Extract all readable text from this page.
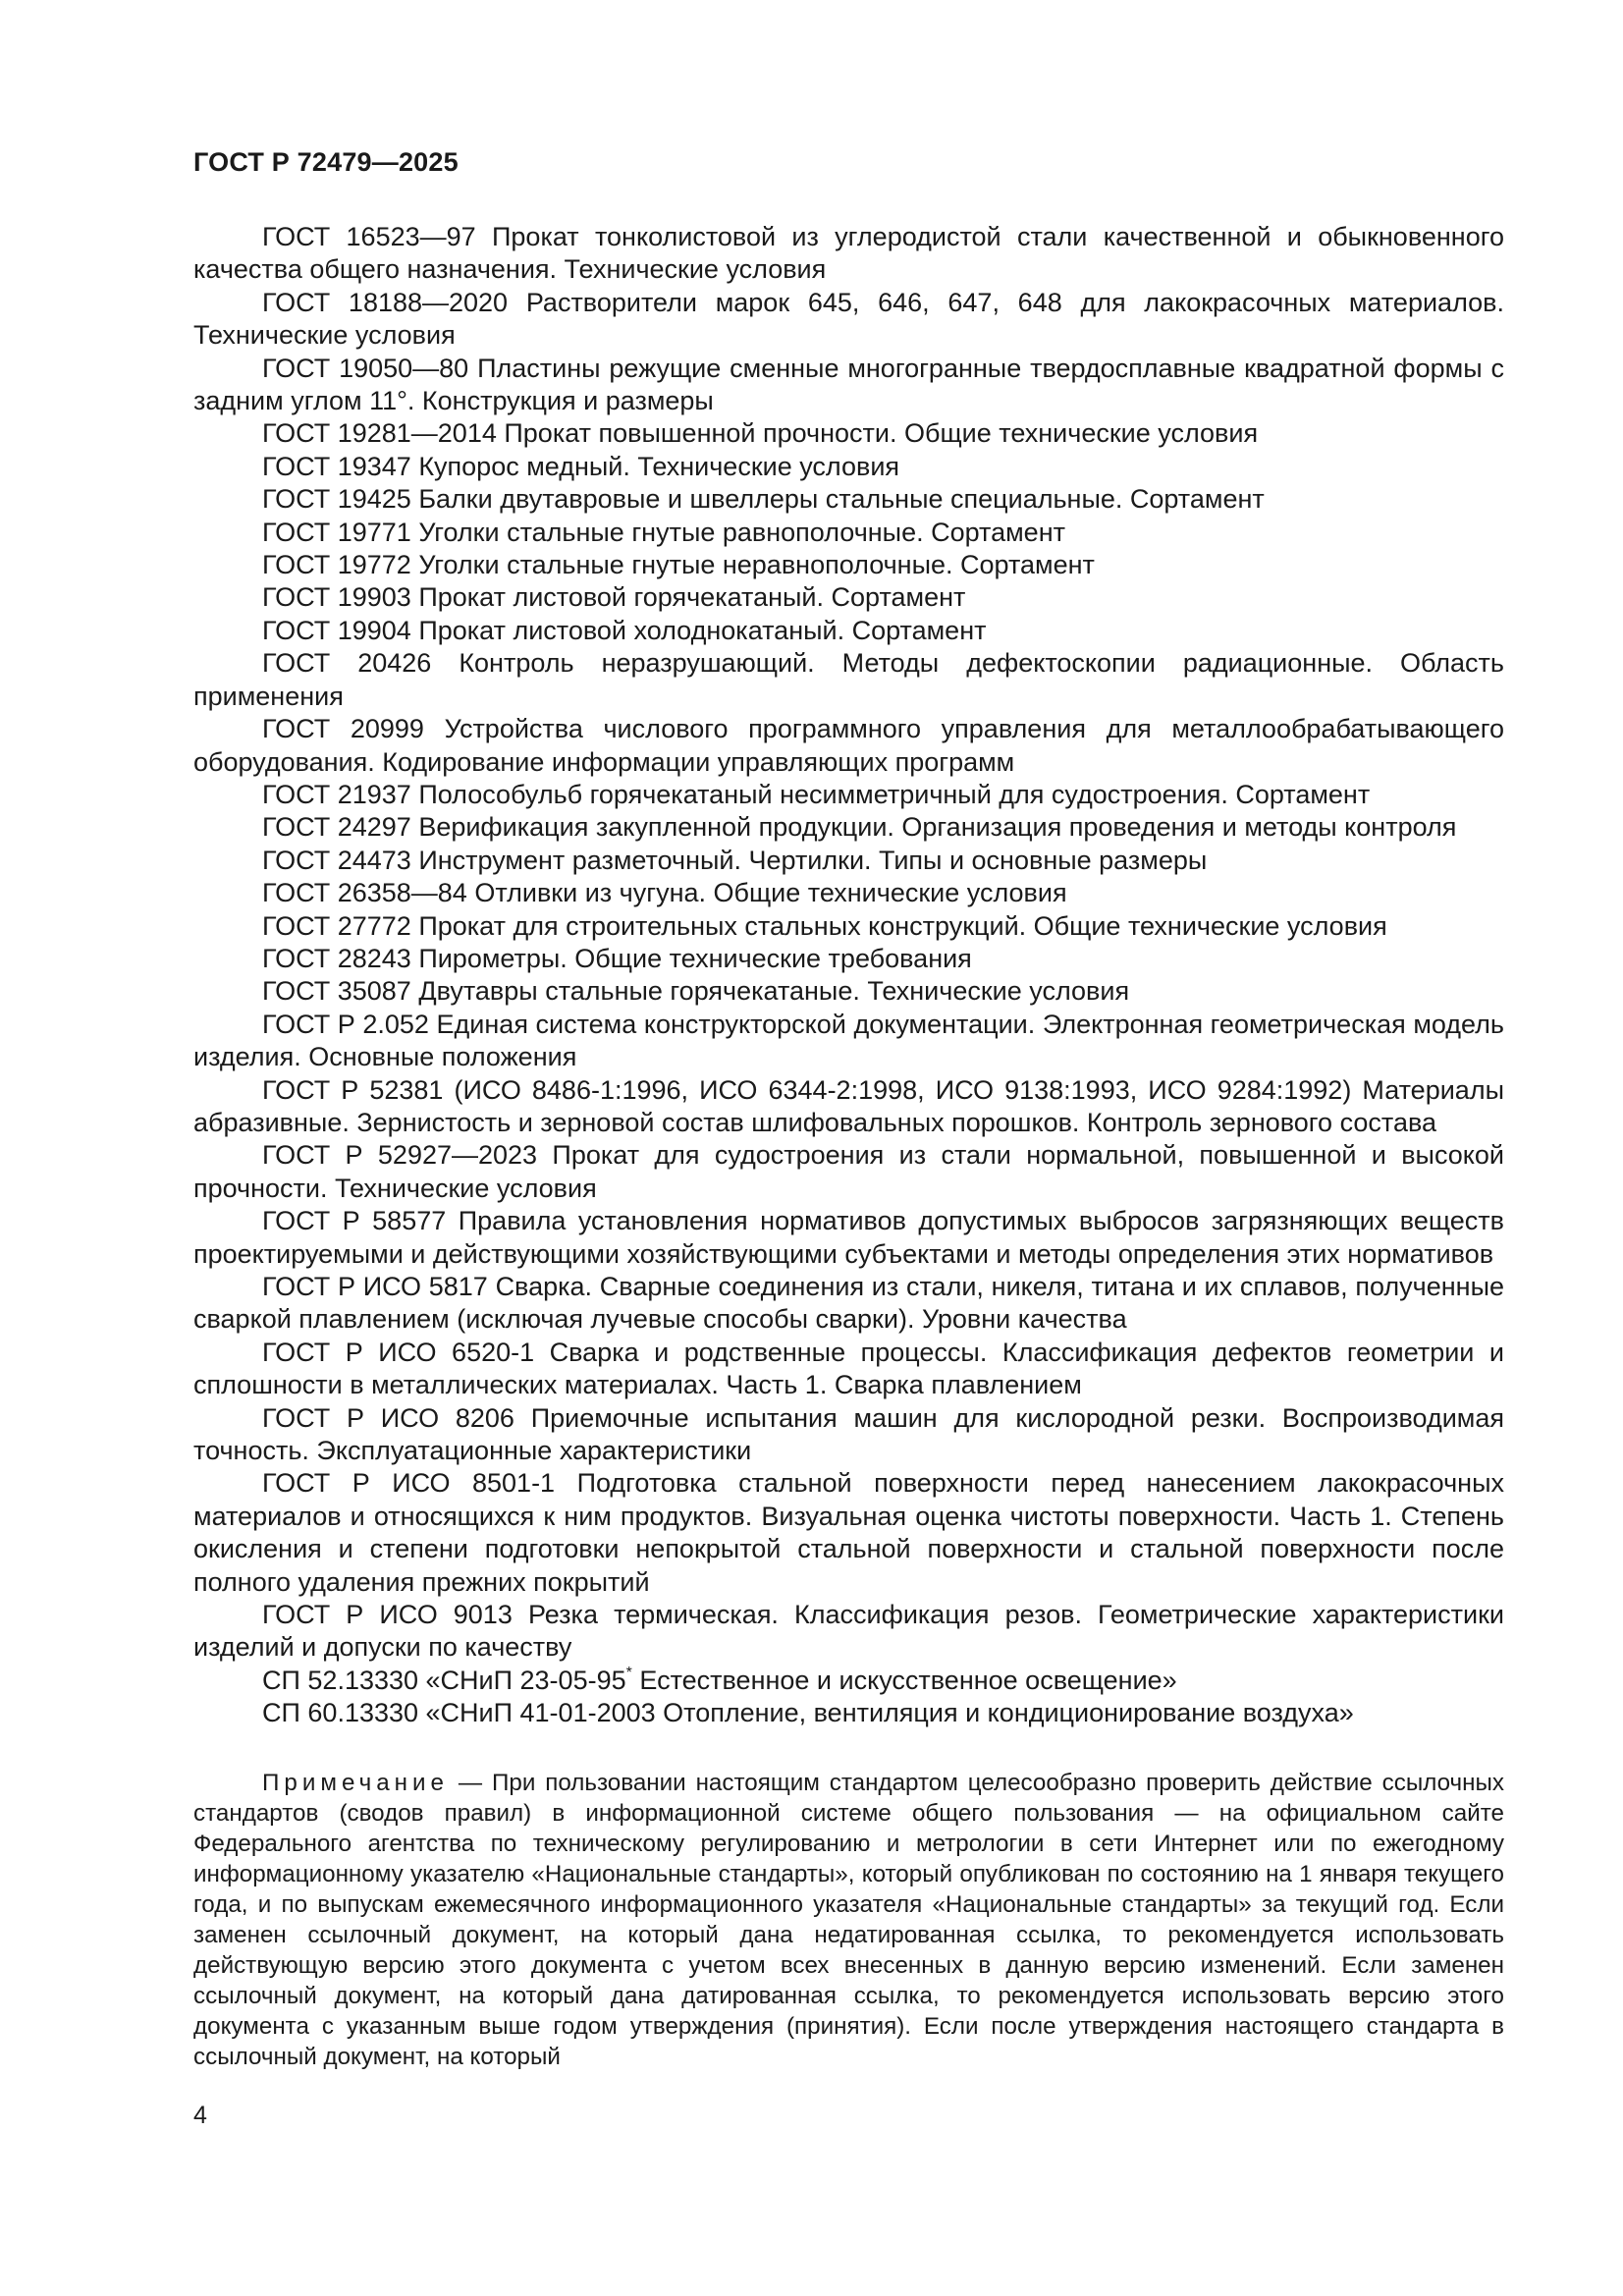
ГОСТ Р 72479—2025

ГОСТ 16523—97 Прокат тонколистовой из углеродистой стали качественной и обыкновенного качества общего назначения. Технические условия

ГОСТ 18188—2020 Растворители марок 645, 646, 647, 648 для лакокрасочных материалов. Технические условия

ГОСТ 19050—80 Пластины режущие сменные многогранные твердосплавные квадратной формы с задним углом 11°. Конструкция и размеры

ГОСТ 19281—2014 Прокат повышенной прочности. Общие технические условия

ГОСТ 19347 Купорос медный. Технические условия

ГОСТ 19425 Балки двутавровые и швеллеры стальные специальные. Сортамент

ГОСТ 19771 Уголки стальные гнутые равнополочные. Сортамент

ГОСТ 19772 Уголки стальные гнутые неравнополочные. Сортамент

ГОСТ 19903 Прокат листовой горячекатаный. Сортамент

ГОСТ 19904 Прокат листовой холоднокатаный. Сортамент

ГОСТ 20426 Контроль неразрушающий. Методы дефектоскопии радиационные. Область применения

ГОСТ 20999 Устройства числового программного управления для металлообрабатывающего оборудования. Кодирование информации управляющих программ

ГОСТ 21937 Полособульб горячекатаный несимметричный для судостроения. Сортамент

ГОСТ 24297 Верификация закупленной продукции. Организация проведения и методы контроля

ГОСТ 24473 Инструмент разметочный. Чертилки. Типы и основные размеры

ГОСТ 26358—84 Отливки из чугуна. Общие технические условия

ГОСТ 27772 Прокат для строительных стальных конструкций. Общие технические условия

ГОСТ 28243 Пирометры. Общие технические требования

ГОСТ 35087 Двутавры стальные горячекатаные. Технические условия

ГОСТ Р 2.052 Единая система конструкторской документации. Электронная геометрическая модель изделия. Основные положения

ГОСТ Р 52381 (ИСО 8486-1:1996, ИСО 6344-2:1998, ИСО 9138:1993, ИСО 9284:1992) Материалы абразивные. Зернистость и зерновой состав шлифовальных порошков. Контроль зернового состава

ГОСТ Р 52927—2023 Прокат для судостроения из стали нормальной, повышенной и высокой прочности. Технические условия

ГОСТ Р 58577 Правила установления нормативов допустимых выбросов загрязняющих веществ проектируемыми и действующими хозяйствующими субъектами и методы определения этих нормативов

ГОСТ Р ИСО 5817 Сварка. Сварные соединения из стали, никеля, титана и их сплавов, полученные сваркой плавлением (исключая лучевые способы сварки). Уровни качества

ГОСТ Р ИСО 6520-1 Сварка и родственные процессы. Классификация дефектов геометрии и сплошности в металлических материалах. Часть 1. Сварка плавлением

ГОСТ Р ИСО 8206 Приемочные испытания машин для кислородной резки. Воспроизводимая точность. Эксплуатационные характеристики

ГОСТ Р ИСО 8501-1 Подготовка стальной поверхности перед нанесением лакокрасочных материалов и относящихся к ним продуктов. Визуальная оценка чистоты поверхности. Часть 1. Степень окисления и степени подготовки непокрытой стальной поверхности и стальной поверхности после полного удаления прежних покрытий

ГОСТ Р ИСО 9013 Резка термическая. Классификация резов. Геометрические характеристики изделий и допуски по качеству

СП 52.13330 «СНиП 23-05-95* Естественное и искусственное освещение»

СП 60.13330 «СНиП 41-01-2003 Отопление, вентиляция и кондиционирование воздуха»

Примечание — При пользовании настоящим стандартом целесообразно проверить действие ссылочных стандартов (сводов правил) в информационной системе общего пользования — на официальном сайте Федерального агентства по техническому регулированию и метрологии в сети Интернет или по ежегодному информационному указателю «Национальные стандарты», который опубликован по состоянию на 1 января текущего года, и по выпускам ежемесячного информационного указателя «Национальные стандарты» за текущий год. Если заменен ссылочный документ, на который дана недатированная ссылка, то рекомендуется использовать действующую версию этого документа с учетом всех внесенных в данную версию изменений. Если заменен ссылочный документ, на который дана датированная ссылка, то рекомендуется использовать версию этого документа с указанным выше годом утверждения (принятия). Если после утверждения настоящего стандарта в ссылочный документ, на который

4
